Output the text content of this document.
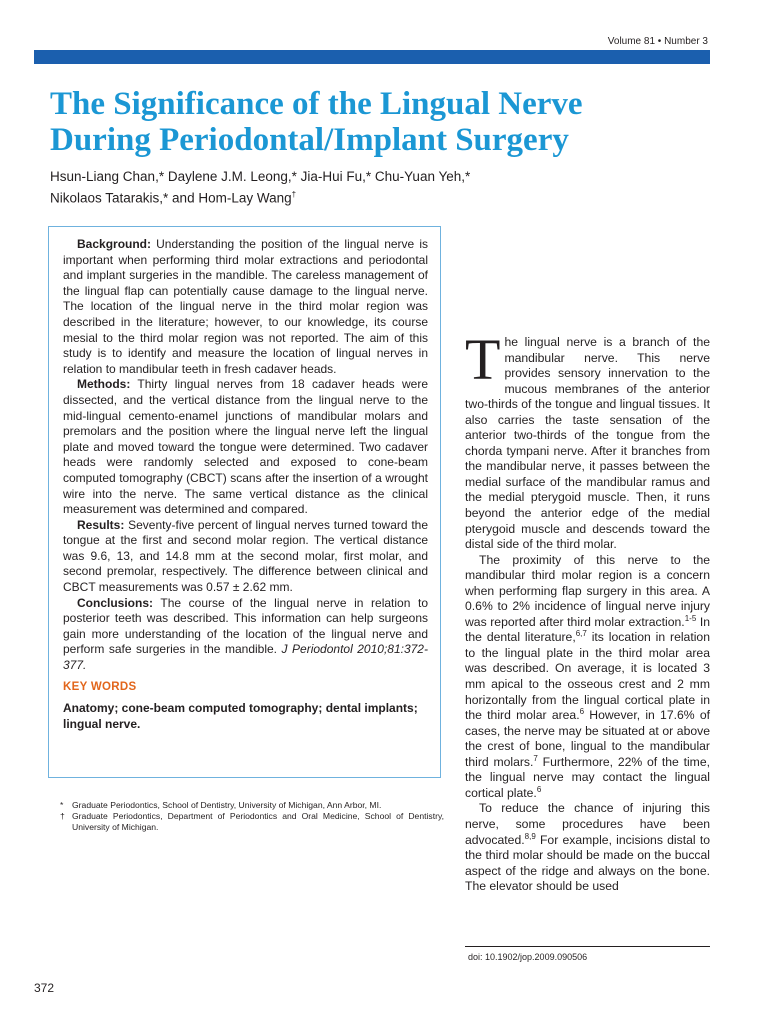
Volume 81 • Number 3
The Significance of the Lingual Nerve
During Periodontal/Implant Surgery
Hsun-Liang Chan,* Daylene J.M. Leong,* Jia-Hui Fu,* Chu-Yuan Yeh,*
Nikolaos Tatarakis,* and Hom-Lay Wang†

Background: Understanding the position of the lingual nerve is important when performing third molar extractions and periodontal and implant surgeries in the mandible. The careless management of the lingual flap can potentially cause damage to the lingual nerve. The location of the lingual nerve in the third molar region was described in the literature; however, to our knowledge, its course mesial to the third molar region was not reported. The aim of this study is to identify and measure the location of lingual nerves in relation to mandibular teeth in fresh cadaver heads.

Methods: Thirty lingual nerves from 18 cadaver heads were dissected, and the vertical distance from the lingual nerve to the mid-lingual cemento-enamel junctions of mandibular molars and premolars and the position where the lingual nerve left the lingual plate and moved toward the tongue were determined. Two cadaver heads were randomly selected and exposed to cone-beam computed tomography (CBCT) scans after the insertion of a wrought wire into the nerve. The same vertical distance as the clinical measurement was determined and compared.

Results: Seventy-five percent of lingual nerves turned toward the tongue at the first and second molar region. The vertical distance was 9.6, 13, and 14.8 mm at the second molar, first molar, and second premolar, respectively. The difference between clinical and CBCT measurements was 0.57 ± 2.62 mm.

Conclusions: The course of the lingual nerve in relation to posterior teeth was described. This information can help surgeons gain more understanding of the location of the lingual nerve and perform safe surgeries in the mandible. J Periodontol 2010;81:372-377.

KEY WORDS
Anatomy; cone-beam computed tomography; dental implants; lingual nerve.
* Graduate Periodontics, School of Dentistry, University of Michigan, Ann Arbor, MI.
† Graduate Periodontics, Department of Periodontics and Oral Medicine, School of Dentistry, University of Michigan.

The lingual nerve is a branch of the mandibular nerve. This nerve provides sensory innervation to the mucous membranes of the anterior two-thirds of the tongue and lingual tissues. It also carries the taste sensation of the anterior two-thirds of the tongue from the chorda tympani nerve. After it branches from the mandibular nerve, it passes between the medial surface of the mandibular ramus and the medial pterygoid muscle. Then, it runs beyond the anterior edge of the medial pterygoid muscle and descends toward the distal side of the third molar.

The proximity of this nerve to the mandibular third molar region is a concern when performing flap surgery in this area. A 0.6% to 2% incidence of lingual nerve injury was reported after third molar extraction.$^{1-5}$ In the dental literature,$^{6,7}$ its location in relation to the lingual plate in the third molar area was described. On average, it is located 3 mm apical to the osseous crest and 2 mm horizontally from the lingual cortical plate in the third molar area.$^6$ However, in 17.6% of cases, the nerve may be situated at or above the crest of bone, lingual to the mandibular third molars.$^7$ Furthermore, 22% of the time, the lingual nerve may contact the lingual cortical plate.$^6$

To reduce the chance of injuring this nerve, some procedures have been advocated.$^{8,9}$ For example, incisions distal to the third molar should be made on the buccal aspect of the ridge and always on the bone. The elevator should be used

doi: 10.1902/jop.2009.090506
372
